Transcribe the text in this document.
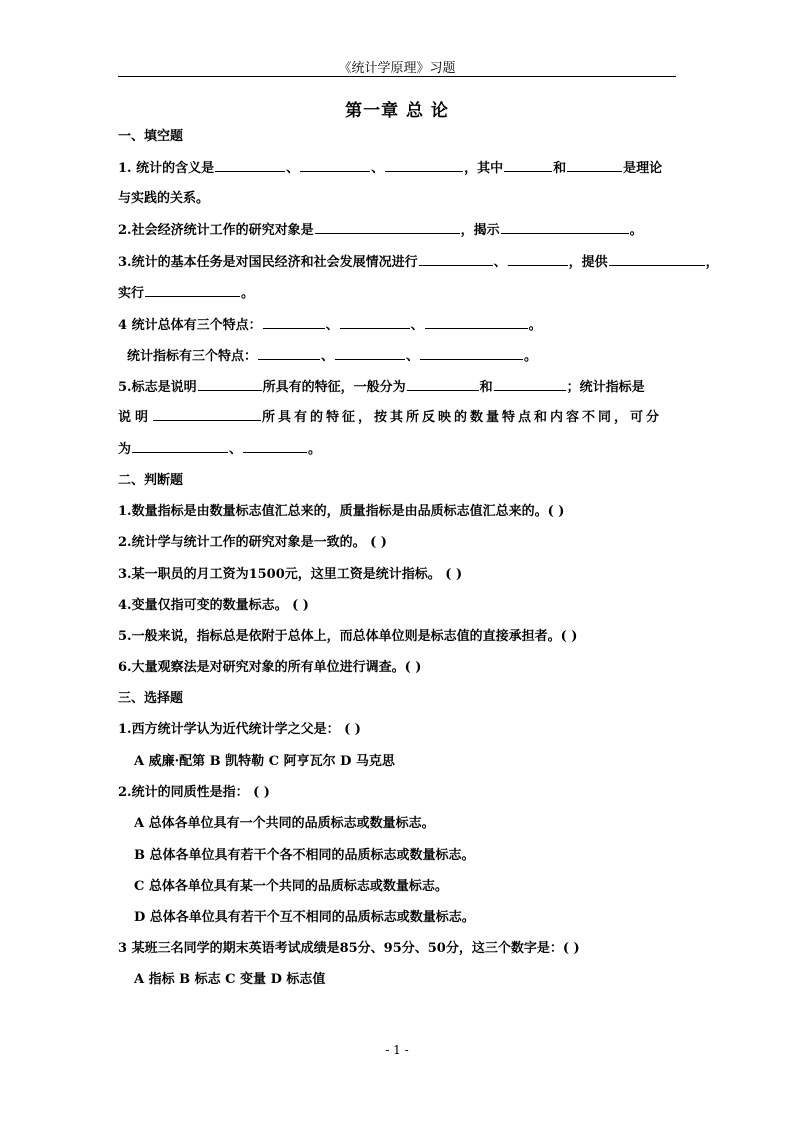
《统计学原理》习题
第一章 总 论
一、填空题
1. 统计的含义是	、	、	，其中	和	是理论
与实践的关系。
2.社会经济统计工作的研究对象是	，揭示	。
3.统计的基本任务是对国民经济和社会发展情况进行	、	，提供	，
实行	。
4 统计总体有三个特点：	、	、	。
统计指标有三个特点：	、	、	。
5.标志是说明	所具有的特征，一般分为	和	；统计指标是
说明	所具有的特征，按其所反映的数量特点和内容不同，可分
为	、	。
二、判断题
1.数量指标是由数量标志值汇总来的，质量指标是由品质标志值汇总来的。( )
2.统计学与统计工作的研究对象是一致的。 ( )
3.某一职员的月工资为1500元，这里工资是统计指标。 ( )
4.变量仅指可变的数量标志。 ( )
5.一般来说，指标总是依附于总体上，而总体单位则是标志值的直接承担者。( )
6.大量观察法是对研究对象的所有单位进行调查。( )
三、选择题
1.西方统计学认为近代统计学之父是： ( )
A 威廉·配第 B 凯特勒 C 阿亨瓦尔 D 马克思
2.统计的同质性是指： ( )
A 总体各单位具有一个共同的品质标志或数量标志。
B 总体各单位具有若干个各不相同的品质标志或数量标志。
C 总体各单位具有某一个共同的品质标志或数量标志。
D 总体各单位具有若干个互不相同的品质标志或数量标志。
3 某班三名同学的期末英语考试成绩是85分、95分、50分，这三个数字是：( )
A 指标 B 标志 C 变量 D 标志值
- 1 -
